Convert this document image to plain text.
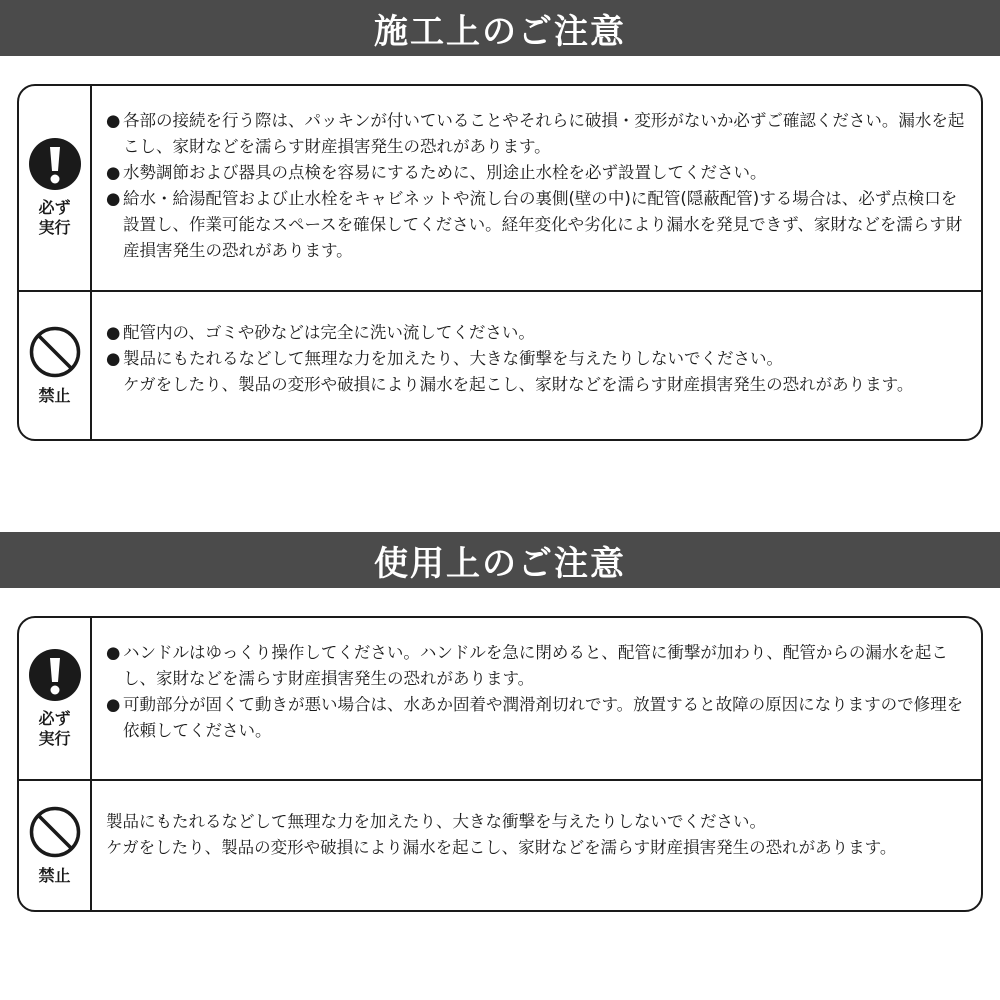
施工上のご注意
必ず
実行
● 各部の接続を行う際は、パッキンが付いていることやそれらに破損・変形がないか必ずご確認ください。漏水を起こし、家財などを濡らす財産損害発生の恐れがあります。
● 水勢調節および器具の点検を容易にするために、別途止水栓を必ず設置してください。
● 給水・給湯配管および止水栓をキャビネットや流し台の裏側(壁の中)に配管(隠蔽配管)する場合は、必ず点検口を設置し、作業可能なスペースを確保してください。経年変化や劣化により漏水を発見できず、家財などを濡らす財産損害発生の恐れがあります。
禁止
● 配管内の、ゴミや砂などは完全に洗い流してください。
● 製品にもたれるなどして無理な力を加えたり、大きな衝撃を与えたりしないでください。
ケガをしたり、製品の変形や破損により漏水を起こし、家財などを濡らす財産損害発生の恐れがあります。
使用上のご注意
必ず
実行
● ハンドルはゆっくり操作してください。ハンドルを急に閉めると、配管に衝撃が加わり、配管からの漏水を起こし、家財などを濡らす財産損害発生の恐れがあります。
● 可動部分が固くて動きが悪い場合は、水あか固着や潤滑剤切れです。放置すると故障の原因になりますので修理を依頼してください。
禁止
製品にもたれるなどして無理な力を加えたり、大きな衝撃を与えたりしないでください。
ケガをしたり、製品の変形や破損により漏水を起こし、家財などを濡らす財産損害発生の恐れがあります。
